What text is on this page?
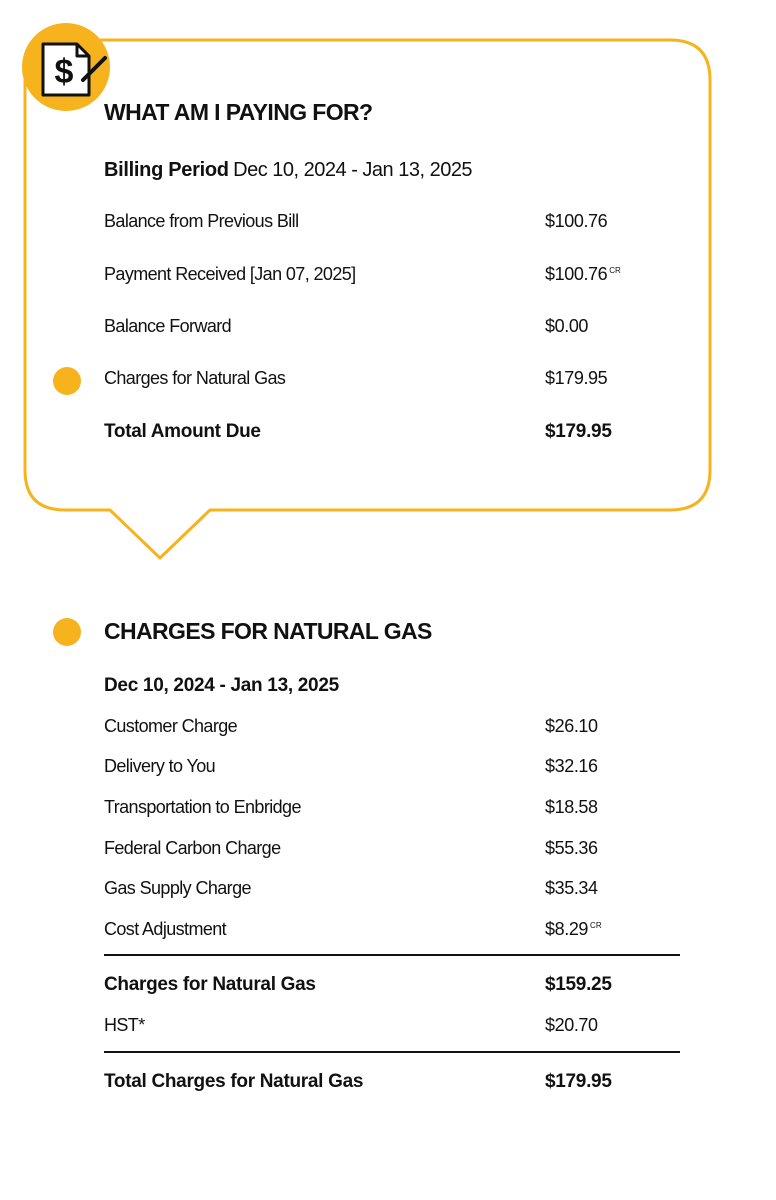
$
WHAT AM I PAYING FOR?
Billing Period Dec 10, 2024 - Jan 13, 2025
Balance from Previous Bill	$100.76
Payment Received [Jan 07, 2025]	$100.76 $^{CR}$
Balance Forward	$0.00
Charges for Natural Gas	$179.95
Total Amount Due	$179.95
CHARGES FOR NATURAL GAS
Dec 10, 2024 - Jan 13, 2025
Customer Charge	$26.10
Delivery to You	$32.16
Transportation to Enbridge	$18.58
Federal Carbon Charge	$55.36
Gas Supply Charge	$35.34
Cost Adjustment	$8.29 $^{CR}$
Charges for Natural Gas	$159.25
HST*	$20.70
Total Charges for Natural Gas	$179.95
